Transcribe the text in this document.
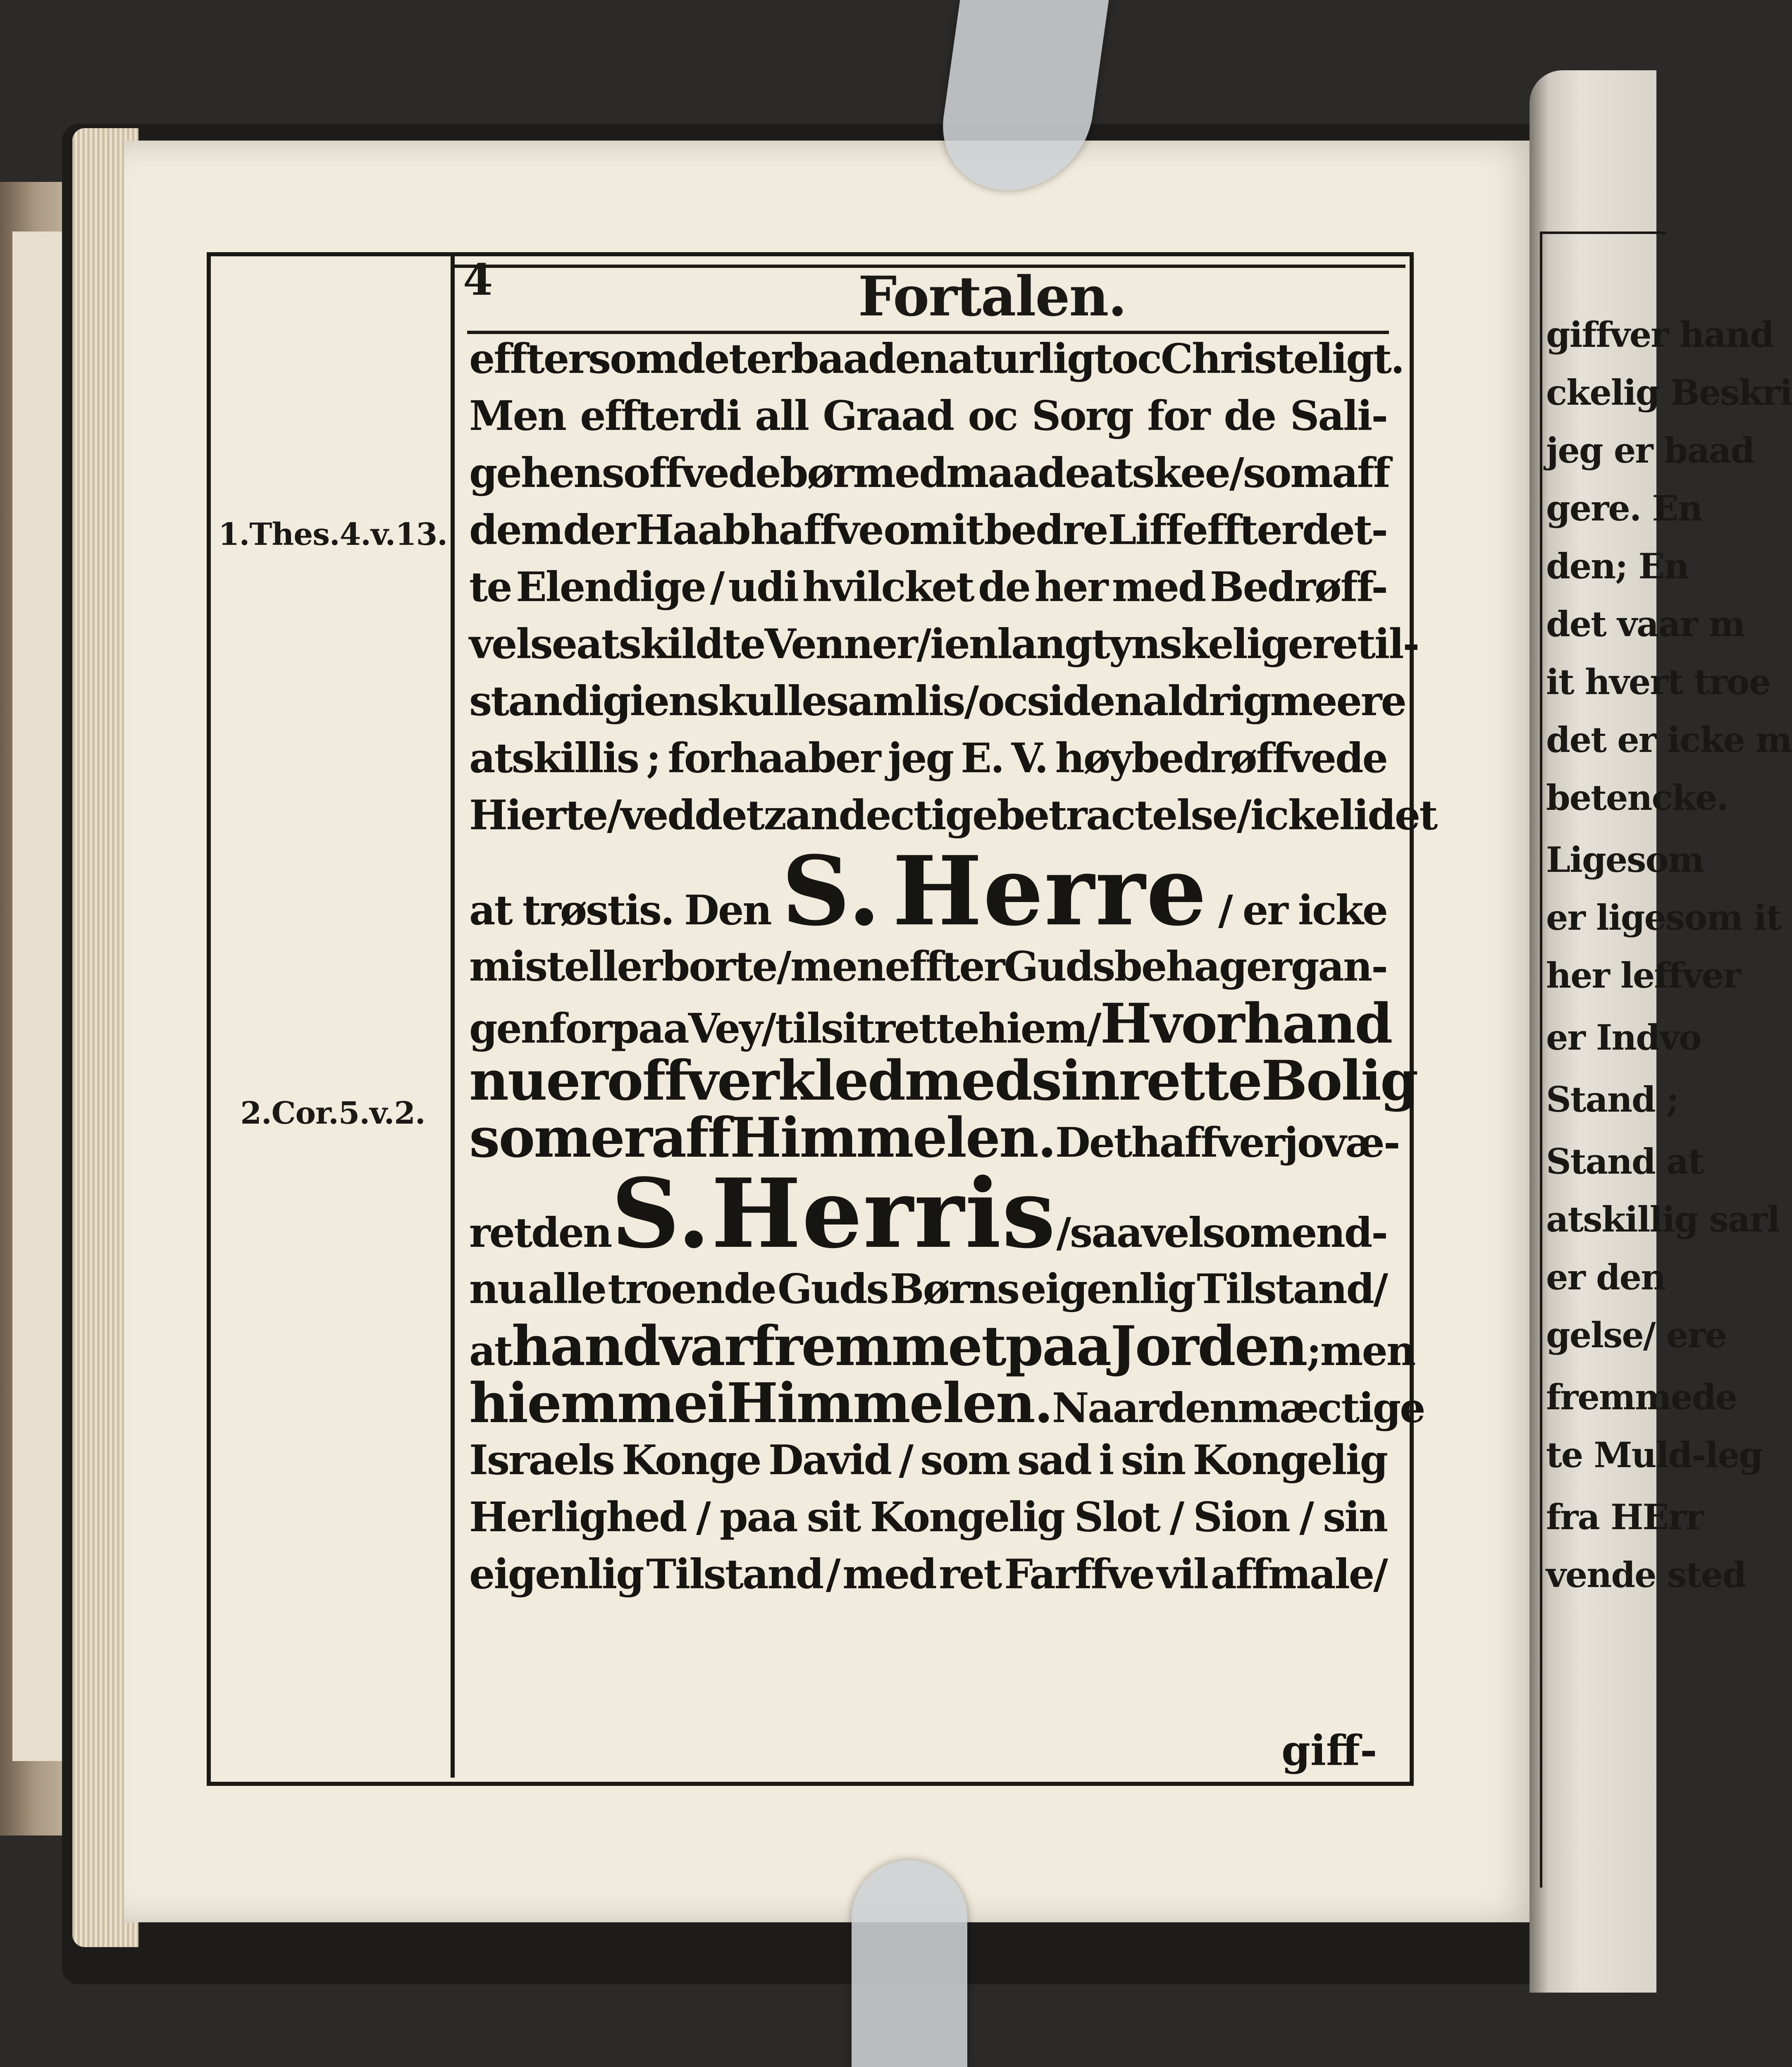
giffver hand
ckelig Beskri
jeg er baad
gere. En
den; En
det vaar m
it hvert troe
det er icke m
betencke.
Ligesom
er ligesom it
her leffver
er Indvo
Stand ;
Stand at
atskillig sarl
er den
gelse/ ere
fremmede
te Muld-leg
fra HErr
vende sted
4	Fortalen.
1.Thes.4.v.13.
2.Cor.5.v.2.
efftersom det er baade naturligt oc Christeligt.
Men effterdi all Graad oc Sorg for de Sali-
ge hensoffvede bør med maade at skee/ som aff
dem der Haab haffve om it bedre Liff effter det-
te Elendige / udi hvilcket de her med Bedrøff-
velse atskildte Venner / i en langt ynskeligere til-
stand igien skulle samlis / oc siden aldrig meere
atskillis ; forhaaber jeg E. V. høybedrøffvede
Hierte / ved detz andectige betractelse / icke lidet
at trøstis. Den S. Herre / er icke
mist eller borte / men effter Guds behag er gan-
gen for paa Vey / til sit rette hiem / Hvor hand
nu er offverkled med sin rette Bolig
som er aff Himmelen. Det haffver jo væ-
ret den S. Herris / saavelsom end-
nu alle troende Guds Børns eigenlig Tilstand/
at hand var fremmet paa Jorden ; men
hiemme i Himmelen. Naar den mæctige
Israels Konge David / som sad i sin Kongelig
Herlighed / paa sit Kongelig Slot / Sion / sin
eigenlig Tilstand / med ret Farffve vil affmale/
giff-
